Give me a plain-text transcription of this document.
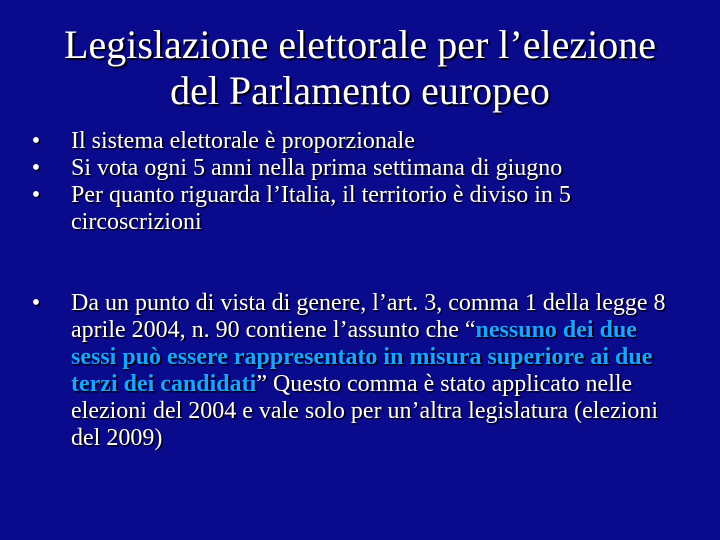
Legislazione elettorale per l’elezione
del Parlamento europeo
• Il sistema elettorale è proporzionale
• Si vota ogni 5 anni nella prima settimana di giugno
• Per quanto riguarda l’Italia, il territorio è diviso in 5 circoscrizioni
• Da un punto di vista di genere, l’art. 3, comma 1 della legge 8 aprile 2004, n. 90 contiene l’assunto che “nessuno dei due sessi può essere rappresentato in misura superiore ai due terzi dei candidati” Questo comma è stato applicato nelle elezioni del 2004 e vale solo per un’altra legislatura (elezioni del 2009)
